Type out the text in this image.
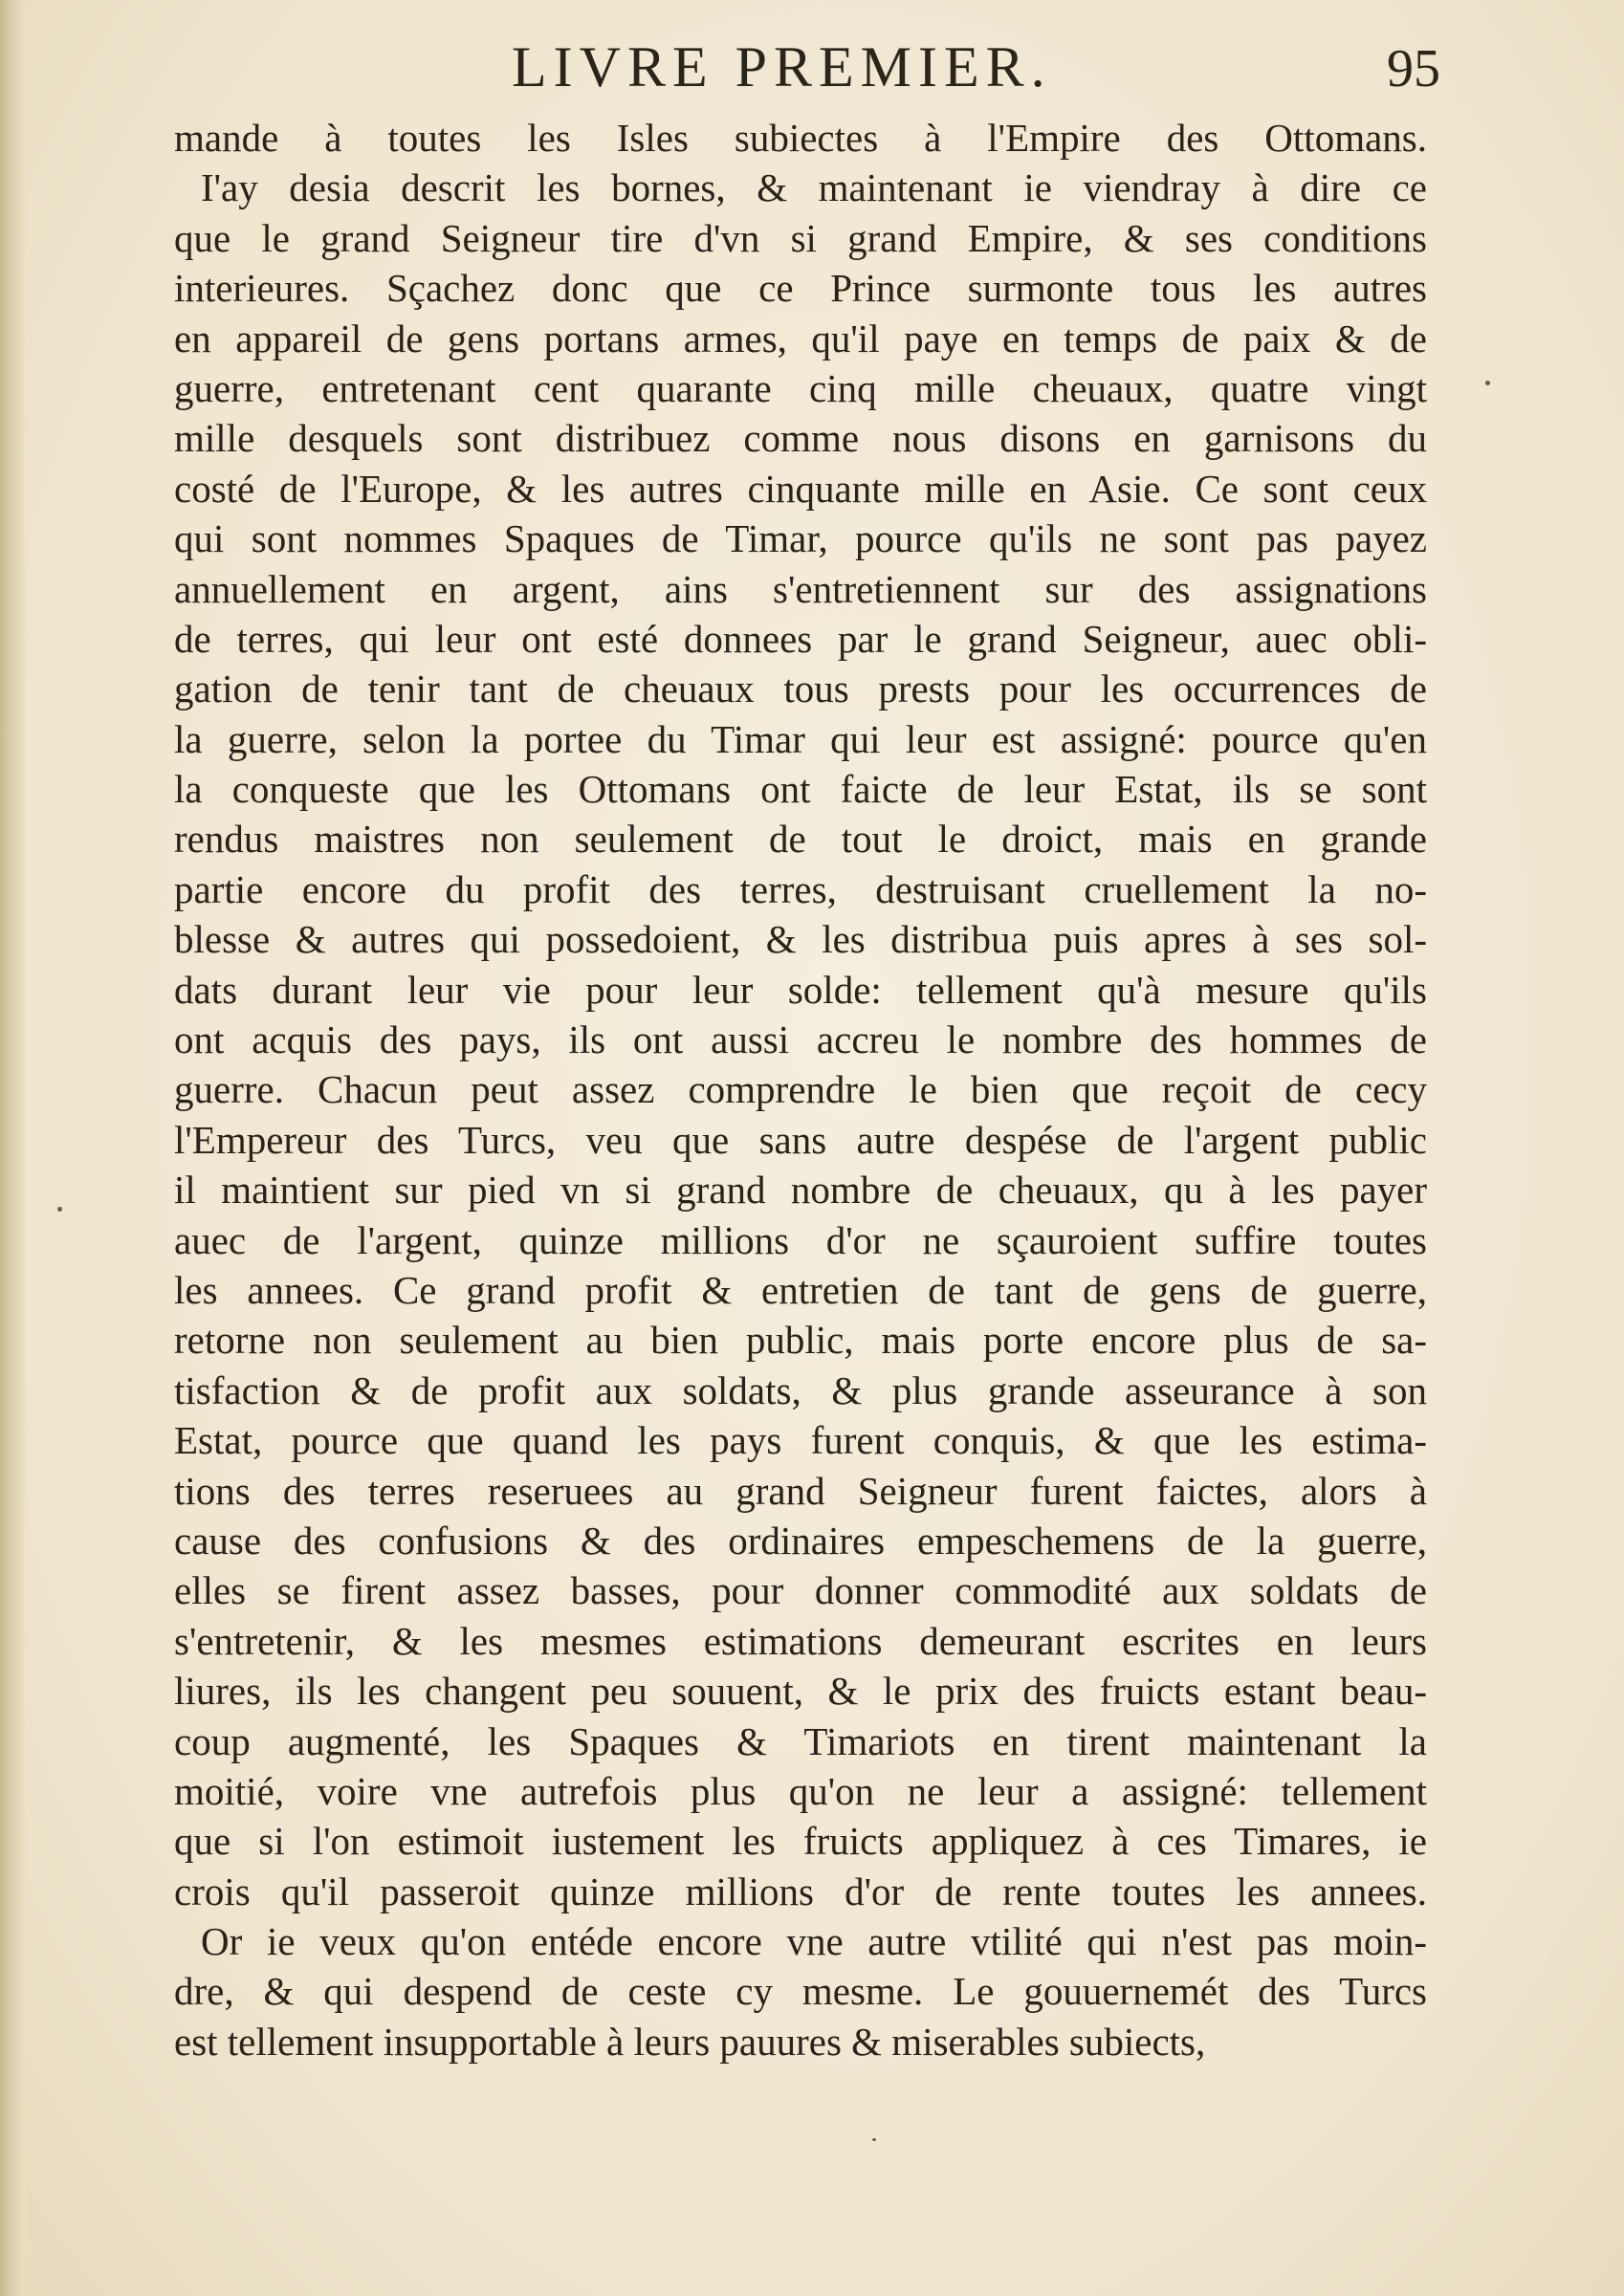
LIVRE PREMIER.	95
mande à toutes les Isles subiectes à l'Empire des Ottomans.
I'ay desia descrit les bornes, & maintenant ie viendray à dire ce
que le grand Seigneur tire d'vn si grand Empire, & ses conditions
interieures. Sçachez donc que ce Prince surmonte tous les autres
en appareil de gens portans armes, qu'il paye en temps de paix & de
guerre, entretenant cent quarante cinq mille cheuaux, quatre vingt
mille desquels sont distribuez comme nous disons en garnisons du
costé de l'Europe, & les autres cinquante mille en Asie. Ce sont ceux
qui sont nommes Spaques de Timar, pource qu'ils ne sont pas payez
annuellement en argent, ains s'entretiennent sur des assignations
de terres, qui leur ont esté donnees par le grand Seigneur, auec obli-
gation de tenir tant de cheuaux tous prests pour les occurrences de
la guerre, selon la portee du Timar qui leur est assigné: pource qu'en
la conqueste que les Ottomans ont faicte de leur Estat, ils se sont
rendus maistres non seulement de tout le droict, mais en grande
partie encore du profit des terres, destruisant cruellement la no-
blesse & autres qui possedoient, & les distribua puis apres à ses sol-
dats durant leur vie pour leur solde: tellement qu'à mesure qu'ils
ont acquis des pays, ils ont aussi accreu le nombre des hommes de
guerre. Chacun peut assez comprendre le bien que reçoit de cecy
l'Empereur des Turcs, veu que sans autre despése de l'argent public
il maintient sur pied vn si grand nombre de cheuaux, qu à les payer
auec de l'argent, quinze millions d'or ne sçauroient suffire toutes
les annees. Ce grand profit & entretien de tant de gens de guerre,
retorne non seulement au bien public, mais porte encore plus de sa-
tisfaction & de profit aux soldats, & plus grande asseurance à son
Estat, pource que quand les pays furent conquis, & que les estima-
tions des terres reseruees au grand Seigneur furent faictes, alors à
cause des confusions & des ordinaires empeschemens de la guerre,
elles se firent assez basses, pour donner commodité aux soldats de
s'entretenir, & les mesmes estimations demeurant escrites en leurs
liures, ils les changent peu souuent, & le prix des fruicts estant beau-
coup augmenté, les Spaques & Timariots en tirent maintenant la
moitié, voire vne autrefois plus qu'on ne leur a assigné: tellement
que si l'on estimoit iustement les fruicts appliquez à ces Timares, ie
crois qu'il passeroit quinze millions d'or de rente toutes les annees.
Or ie veux qu'on entéde encore vne autre vtilité qui n'est pas moin-
dre, & qui despend de ceste cy mesme. Le gouuernemét des Turcs
est tellement insupportable à leurs pauures & miserables subiects,
